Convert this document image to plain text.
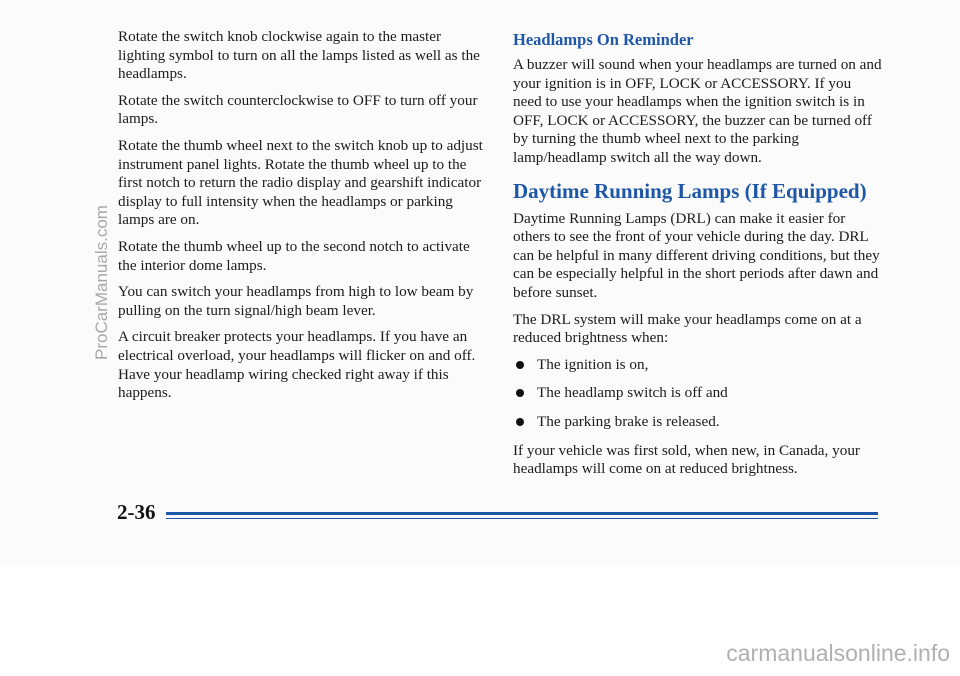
Rotate the switch knob clockwise again to the master lighting symbol to turn on all the lamps listed as well as the headlamps.

Rotate the switch counterclockwise to OFF to turn off your lamps.

Rotate the thumb wheel next to the switch knob up to adjust instrument panel lights. Rotate the thumb wheel up to the first notch to return the radio display and gearshift indicator display to full intensity when the headlamps or parking lamps are on.

Rotate the thumb wheel up to the second notch to activate the interior dome lamps.

You can switch your headlamps from high to low beam by pulling on the turn signal/high beam lever.

A circuit breaker protects your headlamps. If you have an electrical overload, your headlamps will flicker on and off. Have your headlamp wiring checked right away if this happens.

Headlamps On Reminder

A buzzer will sound when your headlamps are turned on and your ignition is in OFF, LOCK or ACCESSORY. If you need to use your headlamps when the ignition switch is in OFF, LOCK or ACCESSORY, the buzzer can be turned off by turning the thumb wheel next to the parking lamp/headlamp switch all the way down.

Daytime Running Lamps (If Equipped)

Daytime Running Lamps (DRL) can make it easier for others to see the front of your vehicle during the day. DRL can be helpful in many different driving conditions, but they can be especially helpful in the short periods after dawn and before sunset.

The DRL system will make your headlamps come on at a reduced brightness when:

The ignition is on,
The headlamp switch is off and
The parking brake is released.

If your vehicle was first sold, when new, in Canada, your headlamps will come on at reduced brightness.

2-36
ProCarManuals.com
carmanualsonline.info
